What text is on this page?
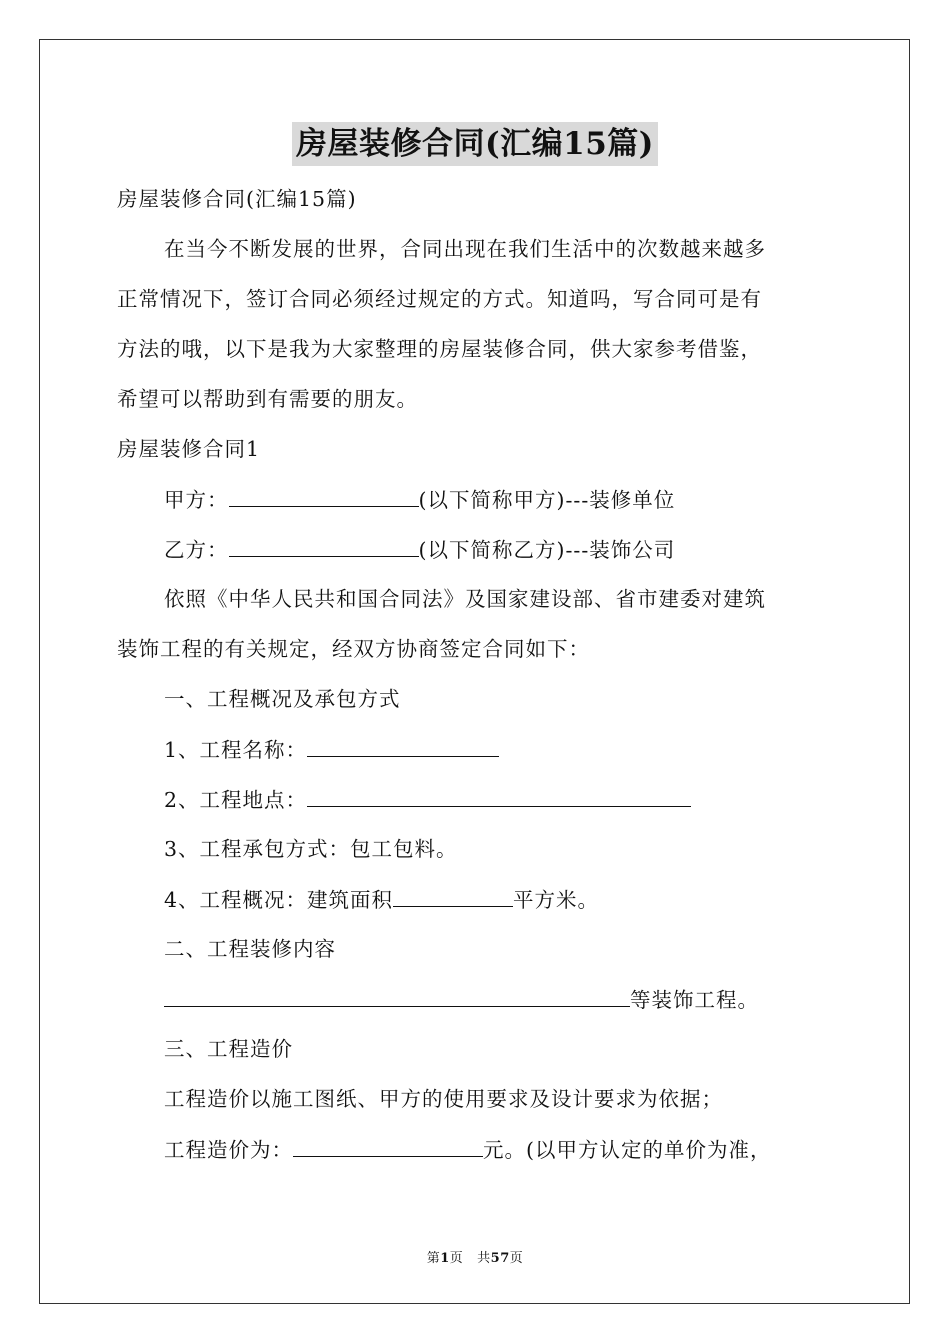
房屋装修合同(汇编15篇)
房屋装修合同(汇编15篇)
在当今不断发展的世界，合同出现在我们生活中的次数越来越多
正常情况下，签订合同必须经过规定的方式。知道吗，写合同可是有
方法的哦，以下是我为大家整理的房屋装修合同，供大家参考借鉴，
希望可以帮助到有需要的朋友。
房屋装修合同1
甲方：	(以下简称甲方)---装修单位
乙方：	(以下简称乙方)---装饰公司
依照《中华人民共和国合同法》及国家建设部、省市建委对建筑
装饰工程的有关规定，经双方协商签定合同如下：
一、工程概况及承包方式
1、工程名称：
2、工程地点：
3、工程承包方式：包工包料。
4、工程概况：建筑面积	平方米。
二、工程装修内容
等装饰工程。
三、工程造价
工程造价以施工图纸、甲方的使用要求及设计要求为依据；
工程造价为：	元。(以甲方认定的单价为准，
第1页   共57页
